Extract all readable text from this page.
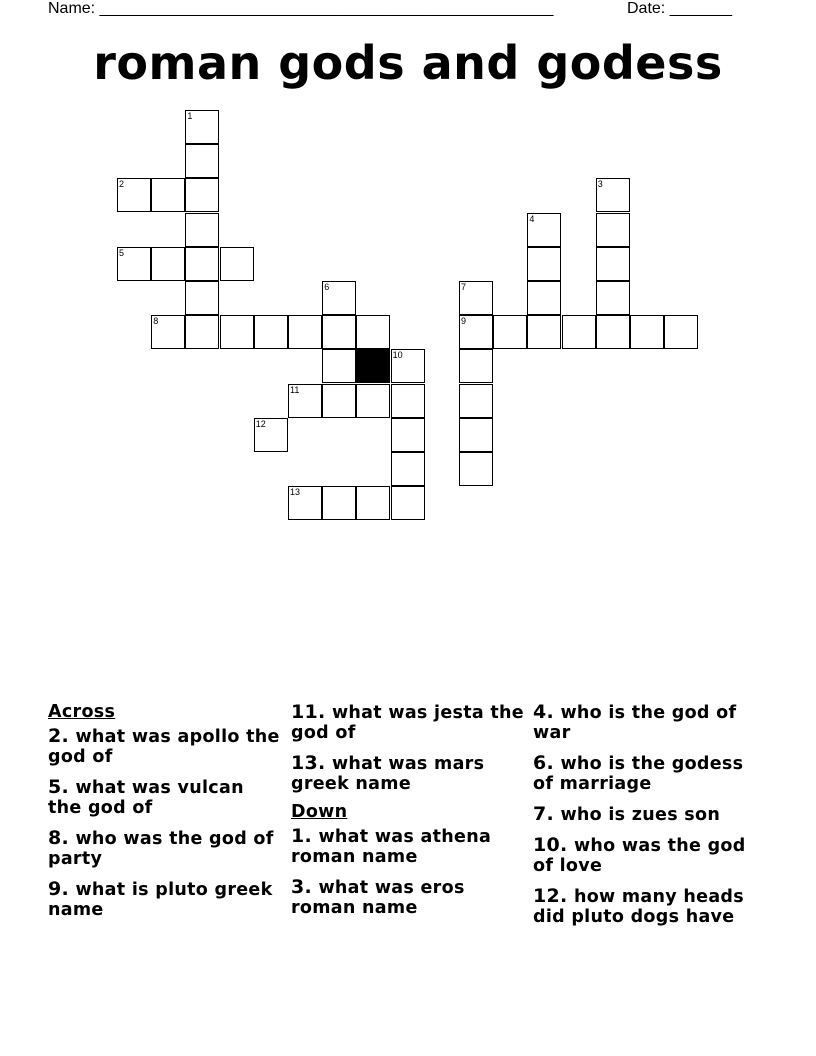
Name: ___________________________________________________	Date: _______
roman gods and godess
1
2	3
4
5
6	7
8	9
10
11
12
13
Across
2. what was apollo the god of
5. what was vulcan the god of
8. who was the god of party
9. what is pluto greek name
11. what was jesta the god of
13. what was mars greek name
Down
1. what was athena roman name
3. what was eros roman name
4. who is the god of war
6. who is the godess of marriage
7. who is zues son
10. who was the god of love
12. how many heads did pluto dogs have
